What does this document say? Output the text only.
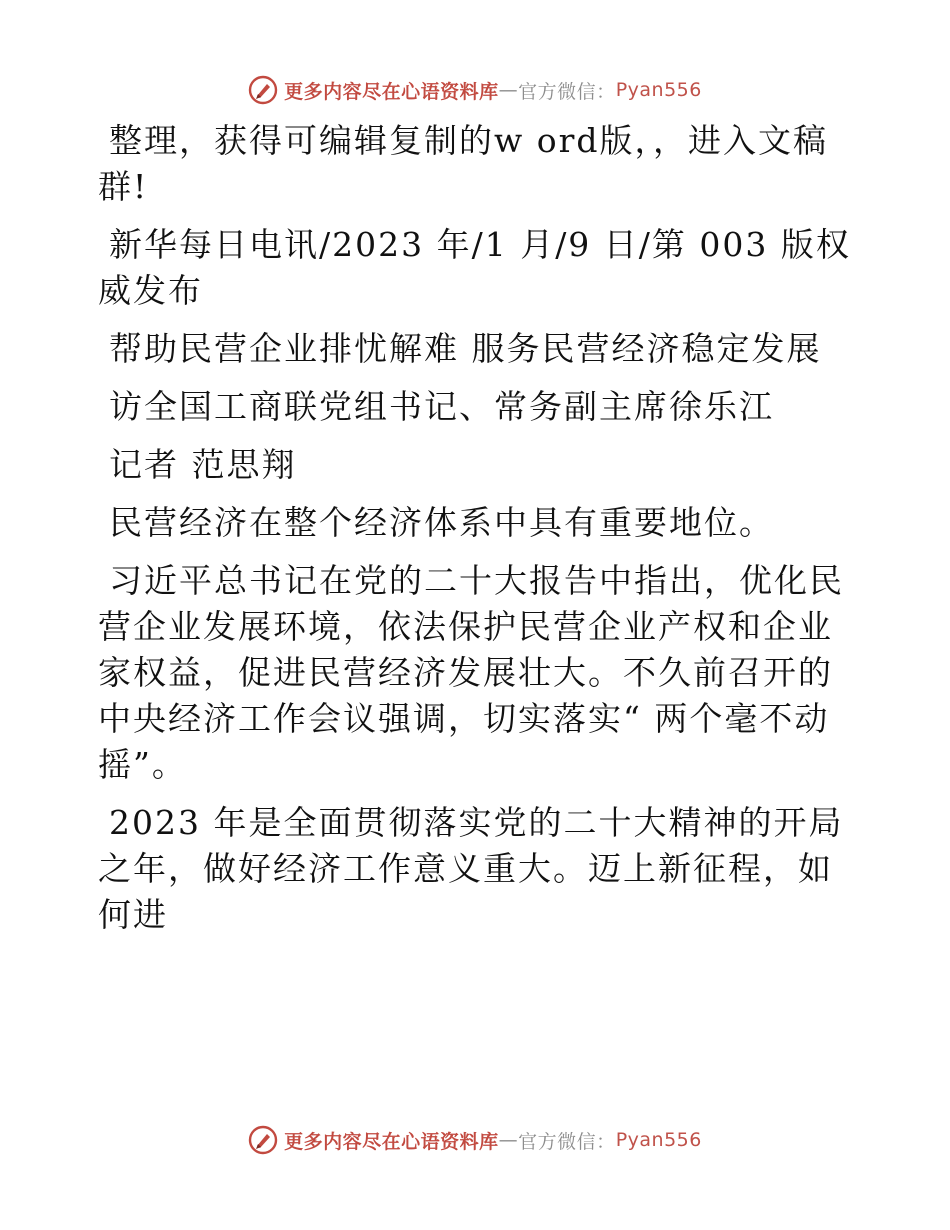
更多内容尽在心语资料库 — 官方微信： Pyan556

整理，获得可编辑复制的w ord版，，进入文稿群!

新华每日电讯/2023 年/1 月/9 日/第 003 版权威发布

帮助民营企业排忧解难 服务民营经济稳定发展

访全国工商联党组书记、常务副主席徐乐江

记者 范思翔

民营经济在整个经济体系中具有重要地位。

习近平总书记在党的二十大报告中指出，优化民营企业发展环境，依法保护民营企业产权和企业家权益，促进民营经济发展壮大。不久前召开的中央经济工作会议强调，切实落实“ 两个毫不动摇”。

2023 年是全面贯彻落实党的二十大精神的开局之年，做好经济工作意义重大。迈上新征程，如何进

更多内容尽在心语资料库 — 官方微信： Pyan556
